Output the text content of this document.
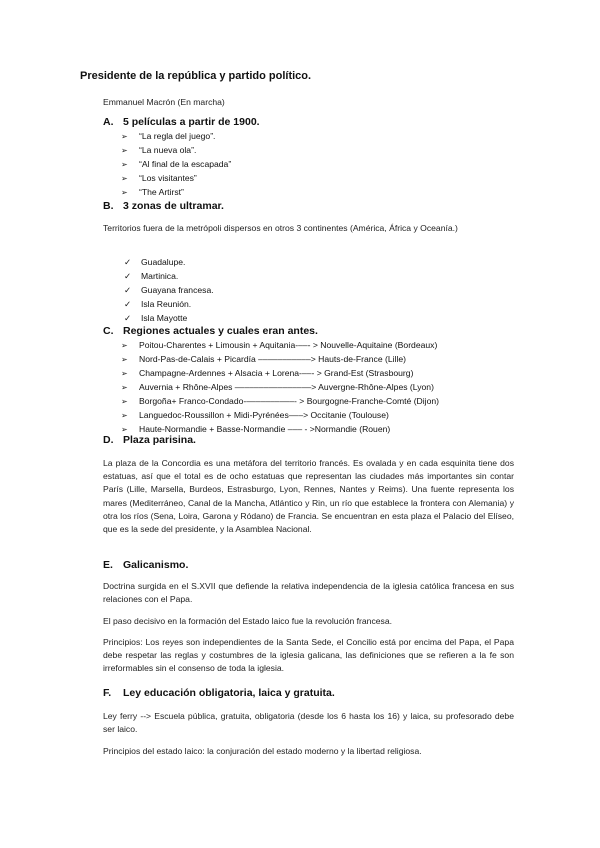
Presidente de la república y partido político.
Emmanuel Macrón (En marcha)
A. 5 películas a partir de 1900.
➢ “La regla del juego”.
➢ “La nueva ola”.
➢ “Al final de la escapada”
➢ “Los visitantes”
➢ “The Artirst”
B. 3 zonas de ultramar.
Territorios fuera de la metrópoli dispersos en otros 3 continentes (América, África y Oceanía.)
✓ Guadalupe.
✓ Martinica.
✓ Guayana francesa.
✓ Isla Reunión.
✓ Isla Mayotte
C. Regiones actuales y cuales eran antes.
➢ Poitou-Charentes + Limousin + Aquitania-––- > Nouvelle-Aquitaine (Bordeaux)
➢ Nord-Pas-de-Calais + Picardía –––––––––––> Hauts-de-France (Lille)
➢ Champagne-Ardennes + Alsacia + Lorena-––- > Grand-Est (Strasbourg)
➢ Auvernia + Rhône-Alpes ––––––––––––––––> Auvergne-Rhône-Alpes (Lyon)
➢ Borgoña+ Franco-Condado-––––––––––- > Bourgogne-Franche-Comté (Dijon)
➢ Languedoc-Roussillon + Midi-Pyrénées–––> Occitanie (Toulouse)
➢ Haute-Normandie + Basse-Normandie ––– - >Normandie (Rouen)
D. Plaza parisina.
La plaza de la Concordia es una metáfora del territorio francés. Es ovalada y en cada esquinita tiene dos estatuas, así que el total es de ocho estatuas que representan las ciudades más importantes sin contar París (Lille, Marsella, Burdeos, Estrasburgo, Lyon, Rennes, Nantes y Reims). Una fuente representa los mares (Mediterráneo, Canal de la Mancha, Atlántico y Rin, un río que establece la frontera con Alemania) y otra los ríos (Sena, Loira, Garona y Ródano) de Francia. Se encuentran en esta plaza el Palacio del Elíseo, que es la sede del presidente, y la Asamblea Nacional.
E. Galicanismo.
Doctrina surgida en el S.XVII que defiende la relativa independencia de la iglesia católica francesa en sus relaciones con el Papa.
El paso decisivo en la formación del Estado laico fue la revolución francesa.
Principios: Los reyes son independientes de la Santa Sede, el Concilio está por encima del Papa, el Papa debe respetar las reglas y costumbres de la iglesia galicana, las definiciones que se refieren a la fe son irreformables sin el consenso de toda la iglesia.
F. Ley educación obligatoria, laica y gratuita.
Ley ferry --> Escuela pública, gratuita, obligatoria (desde los 6 hasta los 16) y laica, su profesorado debe ser laico.
Principios del estado laico: la conjuración del estado moderno y la libertad religiosa.
